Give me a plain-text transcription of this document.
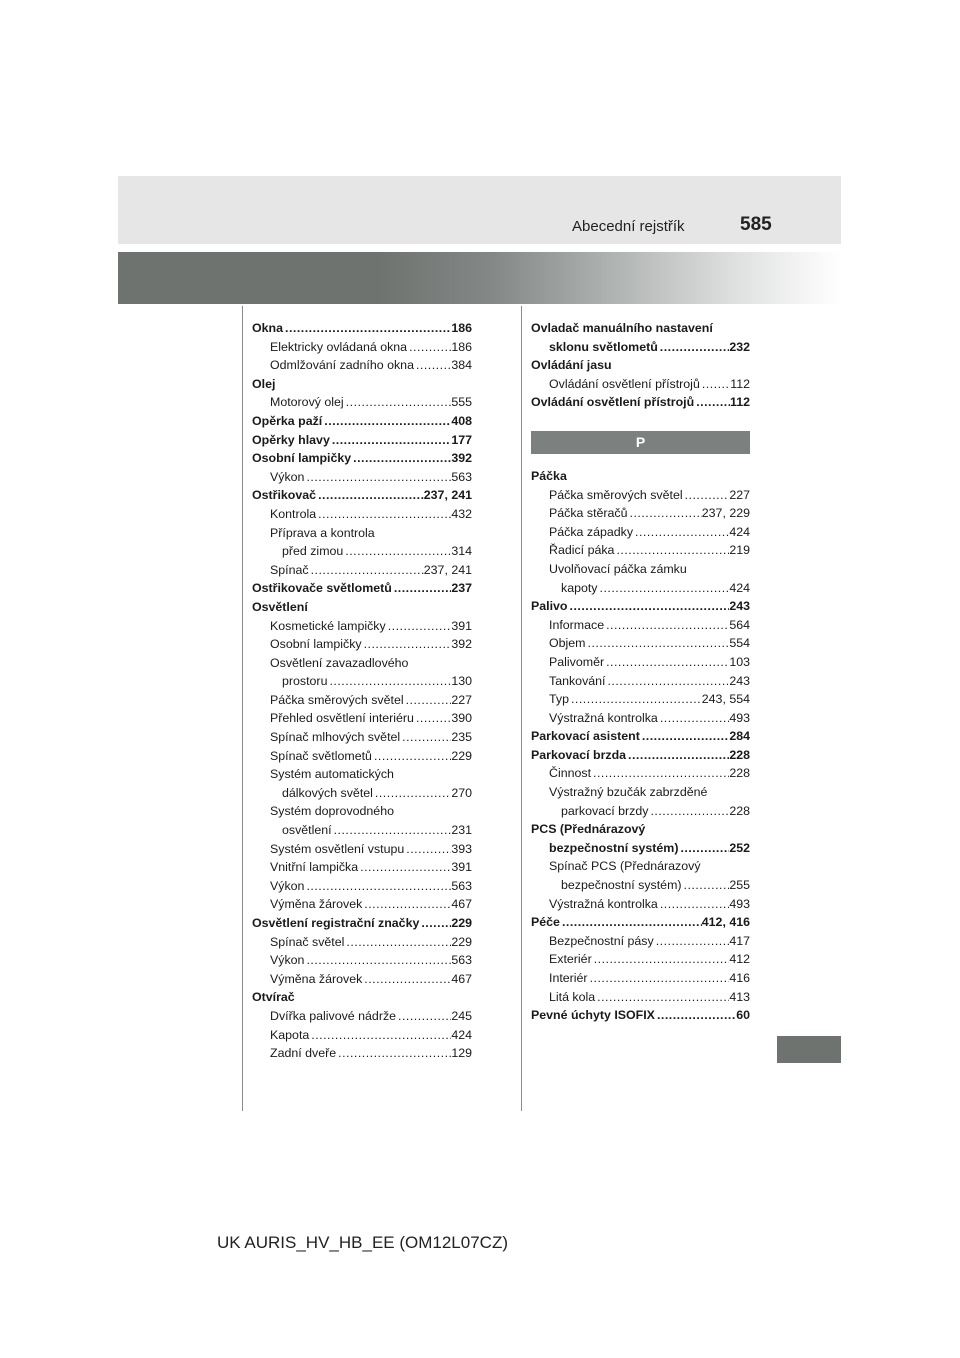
Abecední rejstřík	585
Okna .....	186
Elektricky ovládaná okna .....	186
Odmlžování zadního okna .....	384
Olej
Motorový olej .....	555
Opěrka paží .....	408
Opěrky hlavy .....	177
Osobní lampičky .....	392
Výkon .....	563
Ostřikovač .....	237, 241
Kontrola .....	432
Příprava a kontrola
před zimou .....	314
Spínač .....	237, 241
Ostřikovače světlometů .....	237
Osvětlení
Kosmetické lampičky .....	391
Osobní lampičky .....	392
Osvětlení zavazadlového
prostoru .....	130
Páčka směrových světel .....	227
Přehled osvětlení interiéru .....	390
Spínač mlhových světel .....	235
Spínač světlometů .....	229
Systém automatických
dálkových světel .....	270
Systém doprovodného
osvětlení .....	231
Systém osvětlení vstupu .....	393
Vnitřní lampička .....	391
Výkon .....	563
Výměna žárovek .....	467
Osvětlení registrační značky .....	229
Spínač světel .....	229
Výkon .....	563
Výměna žárovek .....	467
Otvírač
Dvířka palivové nádrže .....	245
Kapota .....	424
Zadní dveře .....	129
Ovladač manuálního nastavení
sklonu světlometů .....	232
Ovládání jasu
Ovládání osvětlení přístrojů ..... 112
Ovládání osvětlení přístrojů .....	112
P
Páčka
Páčka směrových světel .....	227
Páčka stěračů .....	237, 229
Páčka západky .....	424
Řadicí páka .....	219
Uvolňovací páčka zámku
kapoty .....	424
Palivo .....	243
Informace .....	564
Objem .....	554
Palivoměr .....	103
Tankování .....	243
Typ .....	243, 554
Výstražná kontrolka .....	493
Parkovací asistent .....	284
Parkovací brzda .....	228
Činnost .....	228
Výstražný bzučák zabrzděné
parkovací brzdy .....	228
PCS (Přednárazový
bezpečnostní systém) .....	252
Spínač PCS (Přednárazový
bezpečnostní systém) .....	255
Výstražná kontrolka .....	493
Péče .....	412, 416
Bezpečnostní pásy .....	417
Exteriér .....	412
Interiér .....	416
Litá kola .....	413
Pevné úchyty ISOFIX .....	60
UK AURIS_HV_HB_EE (OM12L07CZ)
